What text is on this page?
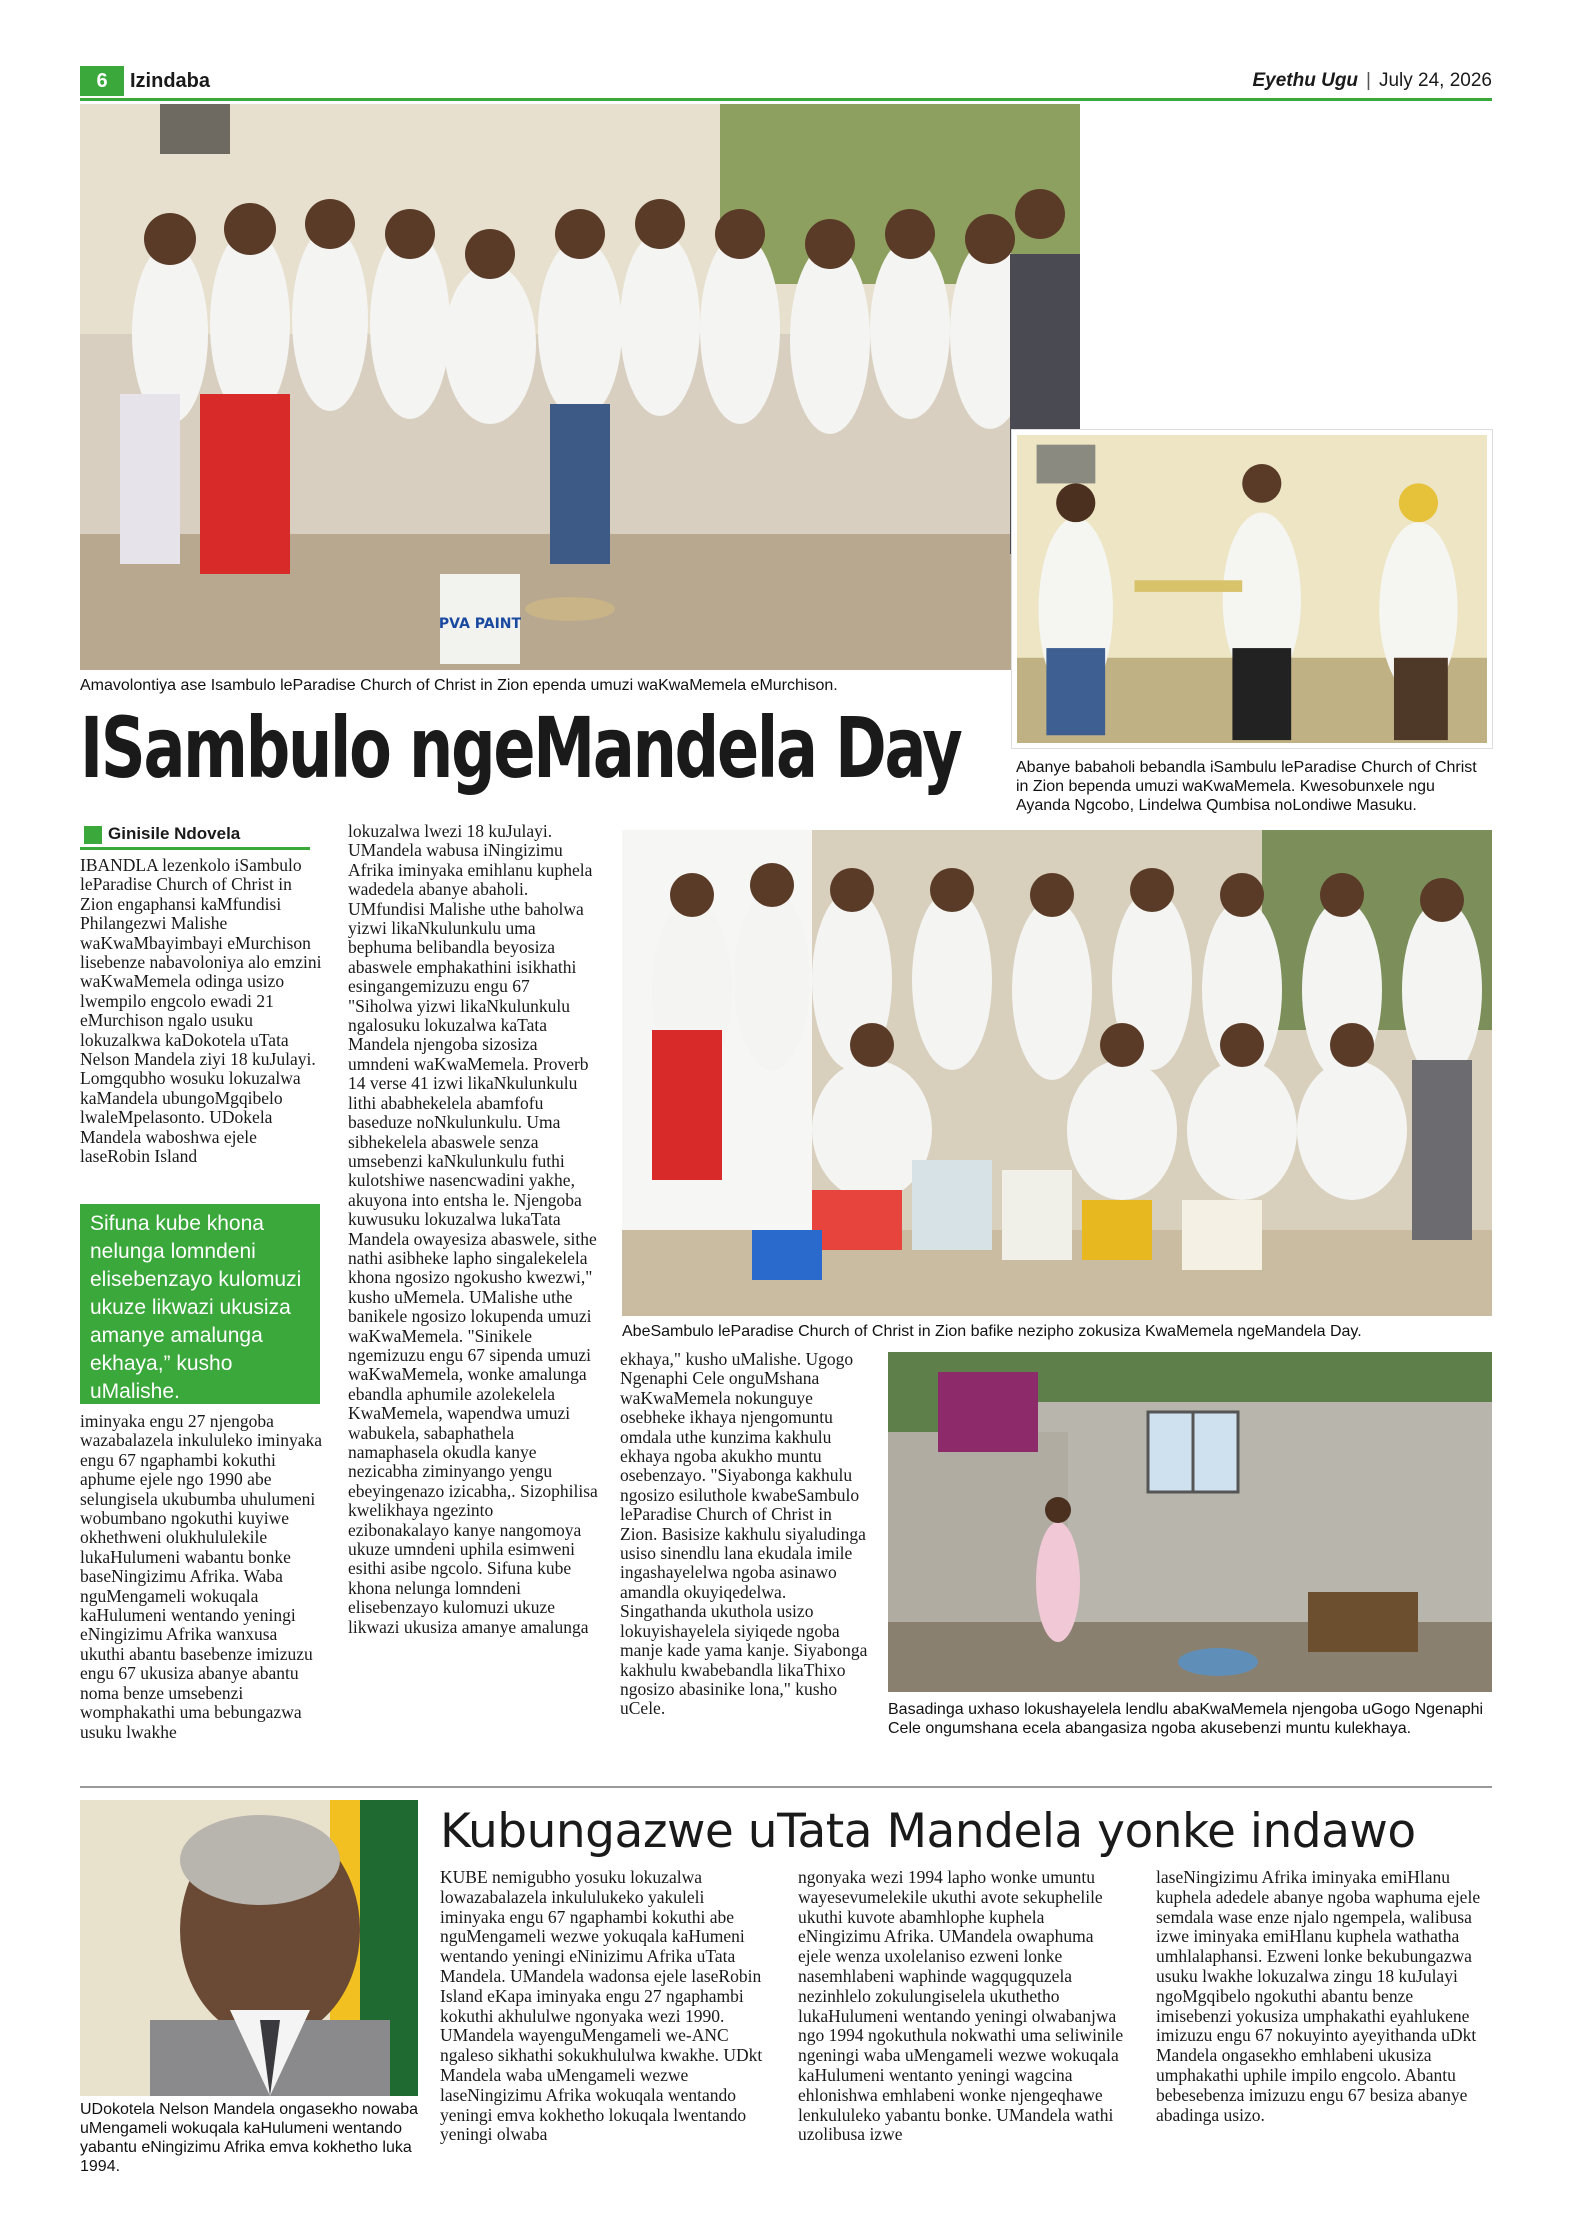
6	Izindaba	Eyethu Ugu | July 24, 2026
PVA PAINT
Amavolontiya ase Isambulo leParadise Church of Christ in Zion ependa umuzi waKwaMemela eMurchison.
Abanye babaholi bebandla iSambulu leParadise Church of Christ in Zion bependa umuzi waKwaMemela. Kwesobunxele ngu Ayanda Ngcobo, Lindelwa Qumbisa noLondiwe Masuku.
ISambulo ngeMandela Day
Ginisile Ndovela
IBANDLA lezenkolo iSambulo leParadise Church of Christ in Zion engaphansi kaMfundisi Philangezwi Malishe waKwaMbayimbayi eMurchison lisebenze nabavoloniya alo emzini waKwaMemela odinga usizo lwempilo engcolo ewadi 21 eMurchison ngalo usuku lokuzalkwa kaDokotela uTata Nelson Mandela ziyi 18 kuJulayi. Lomgqubho wosuku lokuzalwa kaMandela ubungoMgqibelo lwaleMpelasonto. UDokela Mandela waboshwa ejele laseRobin Island
Sifuna kube khona nelunga lomndeni elisebenzayo kulomuzi ukuze likwazi ukusiza amanye amalunga ekhaya,” kusho uMalishe.
iminyaka engu 27 njengoba wazabalazela inkululeko iminyaka engu 67 ngaphambi kokuthi aphume ejele ngo 1990 abe selungisela ukubumba uhulumeni wobumbano ngokuthi kuyiwe okhethweni olukhululekile lukaHulumeni wabantu bonke baseNingizimu Afrika. Waba nguMengameli wokuqala kaHulumeni wentando yeningi eNingizimu Afrika wanxusa ukuthi abantu basebenze imizuzu engu 67 ukusiza abanye abantu noma benze umsebenzi womphakathi uma bebungazwa usuku lwakhe
lokuzalwa lwezi 18 kuJulayi. UMandela wabusa iNingizimu Afrika iminyaka emihlanu kuphela wadedela abanye abaholi. UMfundisi Malishe uthe baholwa yizwi likaNkulunkulu uma bephuma belibandla beyosiza abaswele emphakathini isikhathi esingangemizuzu engu 67 "Siholwa yizwi likaNkulunkulu ngalosuku lokuzalwa kaTata Mandela njengoba sizosiza umndeni waKwaMemela. Proverb 14 verse 41 izwi likaNkulunkulu lithi ababhekelela abamfofu baseduze noNkulunkulu. Uma sibhekelela abaswele senza umsebenzi kaNkulunkulu futhi kulotshiwe nasencwadini yakhe, akuyona into entsha le. Njengoba kuwusuku lokuzalwa lukaTata Mandela owayesiza abaswele, sithe nathi asibheke lapho singalekelela khona ngosizo ngokusho kwezwi," kusho uMemela. UMalishe uthe banikele ngosizo lokupenda umuzi waKwaMemela. "Sinikele ngemizuzu engu 67 sipenda umuzi waKwaMemela, wonke amalunga ebandla aphumile azolekelela KwaMemela, wapendwa umuzi wabukela, sabaphathela namaphasela okudla kanye nezicabha ziminyango yengu ebeyingenazo izicabha,. Sizophilisa kwelikhaya ngezinto ezibonakalayo kanye nangomoya ukuze umndeni uphila esimweni esithi asibe ngcolo. Sifuna kube khona nelunga lomndeni elisebenzayo kulomuzi ukuze likwazi ukusiza amanye amalunga
AbeSambulo leParadise Church of Christ in Zion bafike nezipho zokusiza KwaMemela ngeMandela Day.
ekhaya," kusho uMalishe. Ugogo Ngenaphi Cele onguMshana waKwaMemela nokunguye osebheke ikhaya njengomuntu omdala uthe kunzima kakhulu ekhaya ngoba akukho muntu osebenzayo. "Siyabonga kakhulu ngosizo esiluthole kwabeSambulo leParadise Church of Christ in Zion. Basisize kakhulu siyaludinga usiso sinendlu lana ekudala imile ingashayelelwa ngoba asinawo amandla okuyiqedelwa. Singathanda ukuthola usizo lokuyishayelela siyiqede ngoba manje kade yama kanje. Siyabonga kakhulu kwabebandla likaThixo ngosizo abasinike lona," kusho uCele.	Basadinga uxhaso lokushayelela lendlu abaKwaMemela njengoba uGogo Ngenaphi Cele ongumshana ecela abangasiza ngoba akusebenzi muntu kulekhaya.
UDokotela Nelson Mandela ongasekho nowaba uMengameli wokuqala kaHulumeni wentando yabantu eNingizimu Afrika emva kokhetho luka 1994.
Kubungazwe uTata Mandela yonke indawo
KUBE nemigubho yosuku lokuzalwa lowazabalazela inkululukeko yakuleli iminyaka engu 67 ngaphambi kokuthi abe nguMengameli wezwe yokuqala kaHumeni wentando yeningi eNinizimu Afrika uTata Mandela. UMandela wadonsa ejele laseRobin Island eKapa iminyaka engu 27 ngaphambi kokuthi akhululwe ngonyaka wezi 1990. UMandela wayenguMengameli we-ANC ngaleso sikhathi sokukhululwa kwakhe. UDkt Mandela waba uMengameli wezwe laseNingizimu Afrika wokuqala wentando yeningi emva kokhetho lokuqala lwentando yeningi olwaba
ngonyaka wezi 1994 lapho wonke umuntu wayesevumelekile ukuthi avote sekuphelile ukuthi kuvote abamhlophe kuphela eNingizimu Afrika. UMandela owaphuma ejele wenza uxolelaniso ezweni lonke nasemhlabeni waphinde wagqugquzela nezinhlelo zokulungiselela ukuthetho lukaHulumeni wentando yeningi olwabanjwa ngo 1994 ngokuthula nokwathi uma seliwinile ngeningi waba uMengameli wezwe wokuqala kaHulumeni wentanto yeningi wagcina ehlonishwa emhlabeni wonke njengeqhawe lenkululeko yabantu bonke. UMandela wathi uzolibusa izwe
laseNingizimu Afrika iminyaka emiHlanu kuphela adedele abanye ngoba waphuma ejele semdala wase enze njalo ngempela, walibusa izwe iminyaka emiHlanu kuphela wathatha umhlalaphansi. Ezweni lonke bekubungazwa usuku lwakhe lokuzalwa zingu 18 kuJulayi ngoMgqibelo ngokuthi abantu benze imisebenzi yokusiza umphakathi eyahlukene imizuzu engu 67 nokuyinto ayeyithanda uDkt Mandela ongasekho emhlabeni ukusiza umphakathi uphile impilo engcolo. Abantu bebesebenza imizuzu engu 67 besiza abanye abadinga usizo.
